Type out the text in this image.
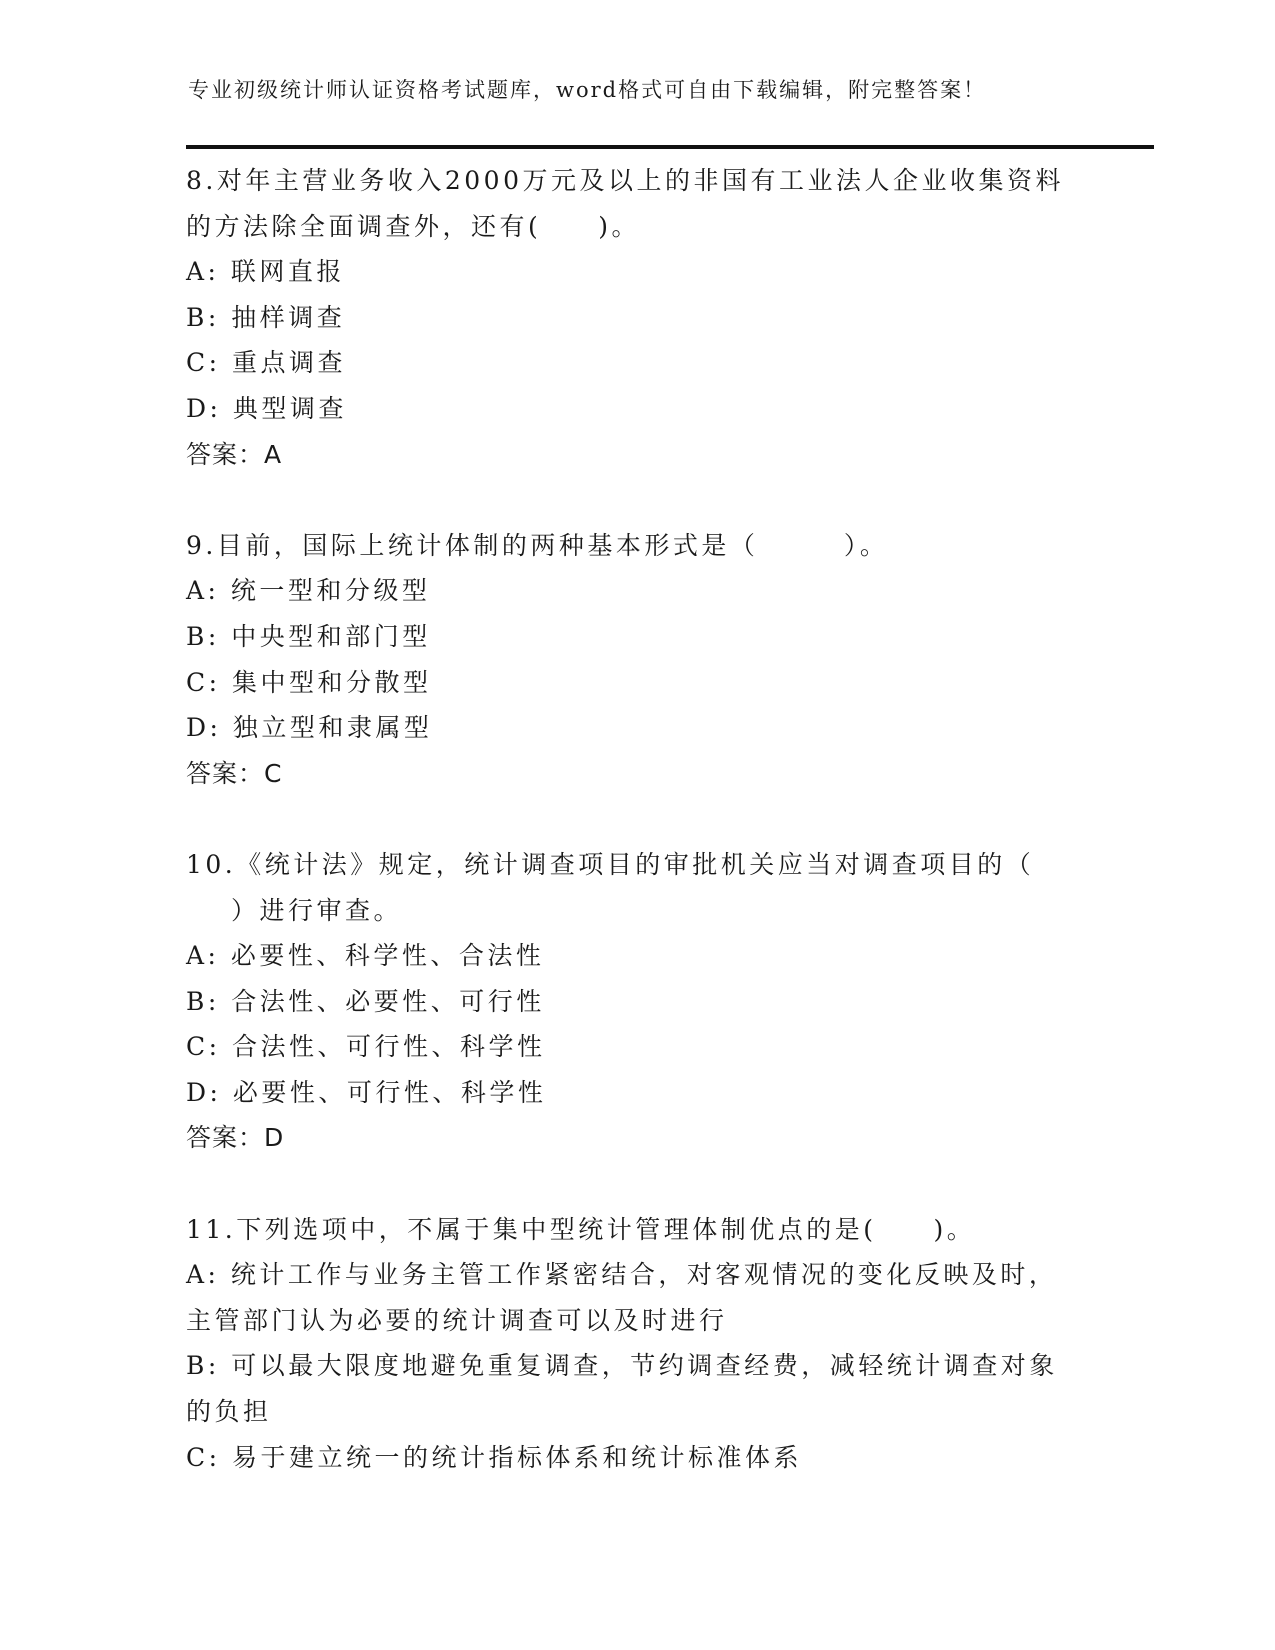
专业初级统计师认证资格考试题库，word格式可自由下载编辑，附完整答案！
8.对年主营业务收入2000万元及以上的非国有工业法人企业收集资料
的方法除全面调查外，还有(　　)。
A: 联网直报
B: 抽样调查
C: 重点调查
D: 典型调查
答案：A
9.目前，国际上统计体制的两种基本形式是（　　　）。
A: 统一型和分级型
B: 中央型和部门型
C: 集中型和分散型
D: 独立型和隶属型
答案：C
10.《统计法》规定，统计调查项目的审批机关应当对调查项目的（
）进行审查。
A: 必要性、科学性、合法性
B: 合法性、必要性、可行性
C: 合法性、可行性、科学性
D: 必要性、可行性、科学性
答案：D
11.下列选项中，不属于集中型统计管理体制优点的是(　　)。
A: 统计工作与业务主管工作紧密结合，对客观情况的变化反映及时，
主管部门认为必要的统计调查可以及时进行
B: 可以最大限度地避免重复调查，节约调查经费，减轻统计调查对象
的负担
C: 易于建立统一的统计指标体系和统计标准体系
